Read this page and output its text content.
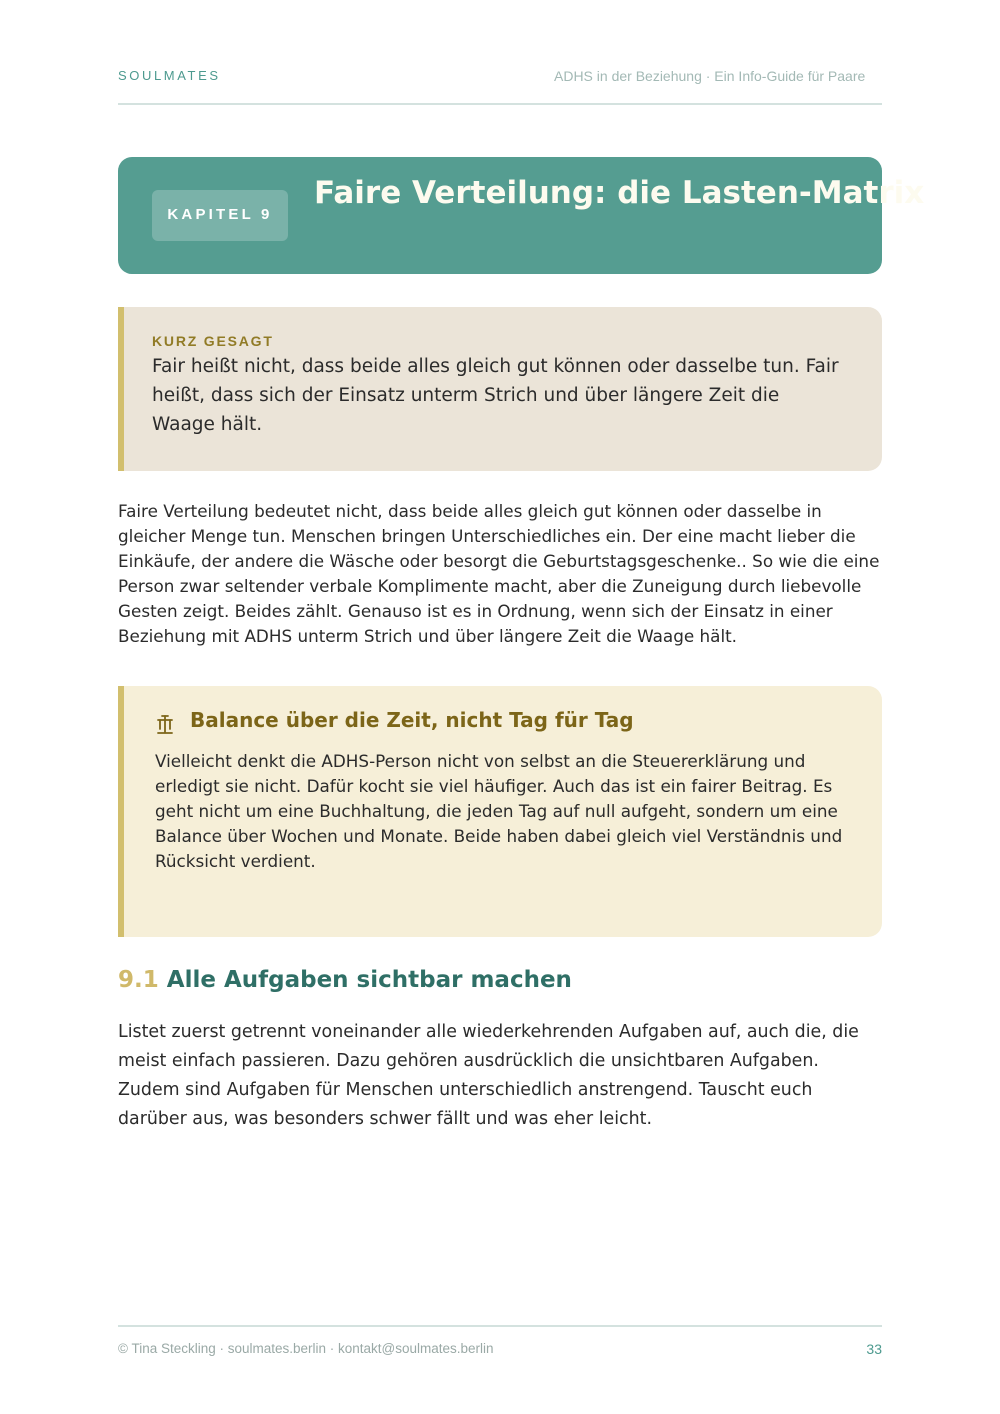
SOULMATES	ADHS in der Beziehung · Ein Info-Guide für Paare
KAPITEL 9
Faire Verteilung: die Lasten-Matrix
KURZ GESAGT
Fair heißt nicht, dass beide alles gleich gut können oder dasselbe tun. Fair heißt, dass sich der Einsatz unterm Strich und über längere Zeit die Waage hält.
Faire Verteilung bedeutet nicht, dass beide alles gleich gut können oder dasselbe in gleicher Menge tun. Menschen bringen Unterschiedliches ein. Der eine macht lieber die Einkäufe, der andere die Wäsche oder besorgt die Geburtstagsgeschenke.. So wie die eine Person zwar seltender verbale Komplimente macht, aber die Zuneigung durch liebevolle Gesten zeigt. Beides zählt. Genauso ist es in Ordnung, wenn sich der Einsatz in einer Beziehung mit ADHS unterm Strich und über längere Zeit die Waage hält.
Balance über die Zeit, nicht Tag für Tag
Vielleicht denkt die ADHS-Person nicht von selbst an die Steuererklärung und erledigt sie nicht. Dafür kocht sie viel häufiger. Auch das ist ein fairer Beitrag. Es geht nicht um eine Buchhaltung, die jeden Tag auf null aufgeht, sondern um eine Balance über Wochen und Monate. Beide haben dabei gleich viel Verständnis und Rücksicht verdient.
9.1 Alle Aufgaben sichtbar machen
Listet zuerst getrennt voneinander alle wiederkehrenden Aufgaben auf, auch die, die meist einfach passieren. Dazu gehören ausdrücklich die unsichtbaren Aufgaben. Zudem sind Aufgaben für Menschen unterschiedlich anstrengend. Tauscht euch darüber aus, was besonders schwer fällt und was eher leicht.
© Tina Steckling · soulmates.berlin · kontakt@soulmates.berlin	33
